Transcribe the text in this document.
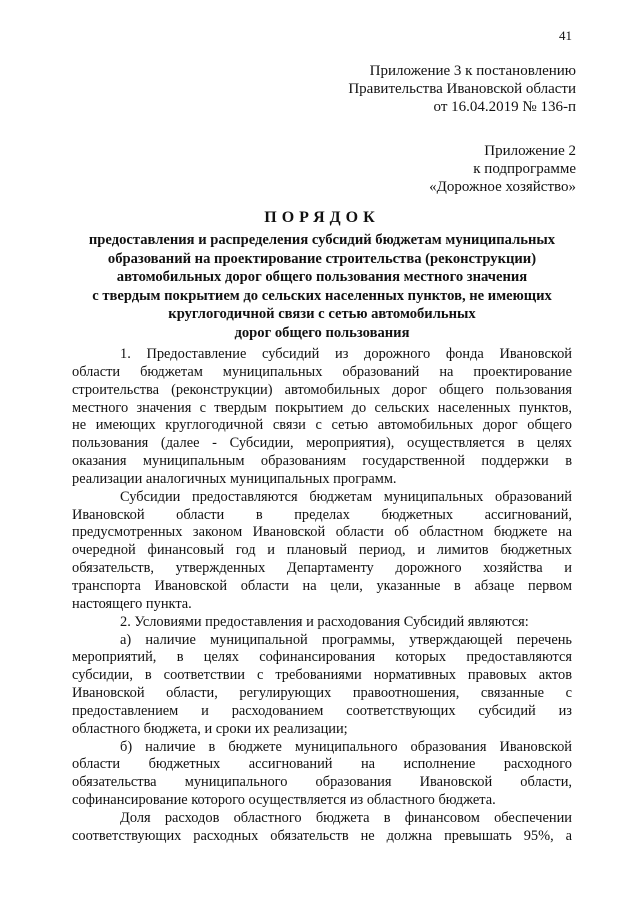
41
Приложение 3 к постановлению
Правительства Ивановской области
от 16.04.2019 № 136-п
Приложение 2
к подпрограмме
«Дорожное хозяйство»
ПОРЯДОК
предоставления и распределения субсидий бюджетам муниципальных
образований на проектирование строительства (реконструкции)
автомобильных дорог общего пользования местного значения
с твердым покрытием до сельских населенных пунктов, не имеющих
круглогодичной связи с сетью автомобильных
дорог общего пользования
1. Предоставление субсидий из дорожного фонда Ивановской
области бюджетам муниципальных образований на проектирование
строительства (реконструкции) автомобильных дорог общего пользования
местного значения с твердым покрытием до сельских населенных пунктов,
не имеющих круглогодичной связи с сетью автомобильных дорог общего
пользования (далее - Субсидии, мероприятия), осуществляется в целях
оказания муниципальным образованиям государственной поддержки в
реализации аналогичных муниципальных программ.
Субсидии предоставляются бюджетам муниципальных образований
Ивановской области в пределах бюджетных ассигнований,
предусмотренных законом Ивановской области об областном бюджете на
очередной финансовый год и плановый период, и лимитов бюджетных
обязательств, утвержденных Департаменту дорожного хозяйства и
транспорта Ивановской области на цели, указанные в абзаце первом
настоящего пункта.
2. Условиями предоставления и расходования Субсидий являются:
а) наличие муниципальной программы, утверждающей перечень
мероприятий, в целях софинансирования которых предоставляются
субсидии, в соответствии с требованиями нормативных правовых актов
Ивановской области, регулирующих правоотношения, связанные с
предоставлением и расходованием соответствующих субсидий из
областного бюджета, и сроки их реализации;
б) наличие в бюджете муниципального образования Ивановской
области бюджетных ассигнований на исполнение расходного
обязательства муниципального образования Ивановской области,
софинансирование которого осуществляется из областного бюджета.
Доля расходов областного бюджета в финансовом обеспечении
соответствующих расходных обязательств не должна превышать 95%, а
